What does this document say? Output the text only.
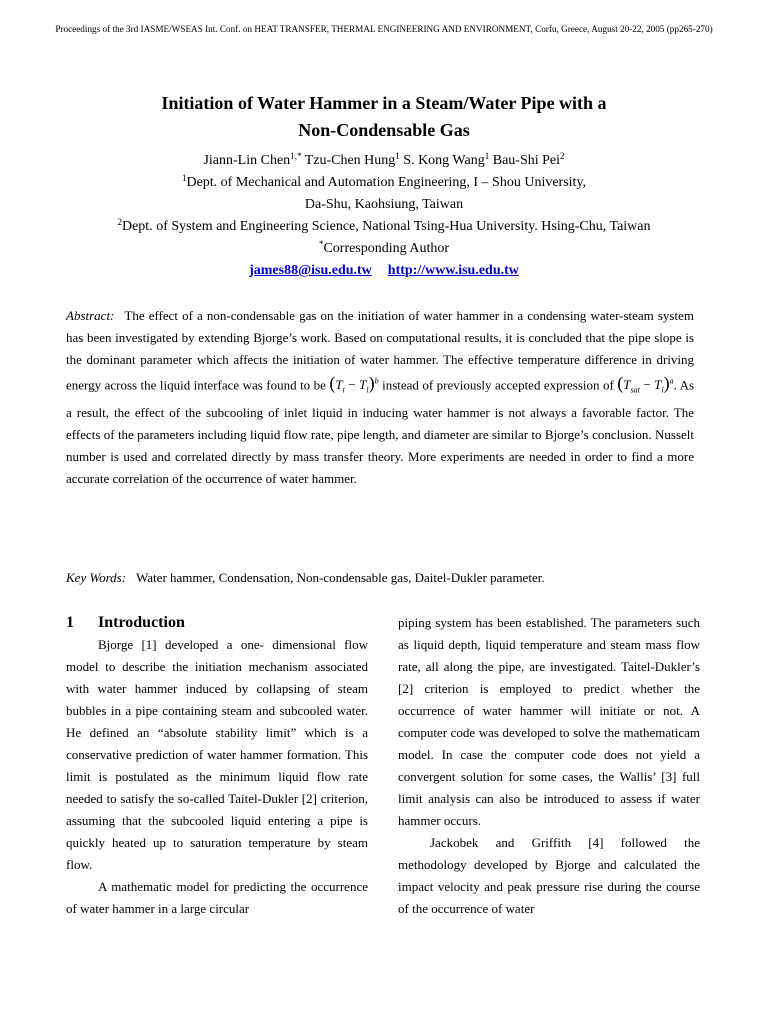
Proceedings of the 3rd IASME/WSEAS Int. Conf. on HEAT TRANSFER, THERMAL ENGINEERING AND ENVIRONMENT, Corfu, Greece, August 20-22, 2005 (pp265-270)
Initiation of Water Hammer in a Steam/Water Pipe with a
Non-Condensable Gas
Jiann-Lin Chen$^{1,*}$ Tzu-Chen Hung$^1$ S. Kong Wang$^1$ Bau-Shi Pei$^2$
$^1$Dept. of Mechanical and Automation Engineering, I – Shou University,
Da-Shu, Kaohsiung, Taiwan
$^2$Dept. of System and Engineering Science, National Tsing-Hua University. Hsing-Chu, Taiwan
*Corresponding Author
james88@isu.edu.tw http://www.isu.edu.tw
Abstract: The effect of a non-condensable gas on the initiation of water hammer in a condensing water-steam system has been investigated by extending Bjorge’s work. Based on computational results, it is concluded that the pipe slope is the dominant parameter which affects the initiation of water hammer. The effective temperature difference in driving energy across the liquid interface was found to be $(T_t - T_l)^b$ instead of previously accepted expression of $(T_{sat} - T_l)^a$. As a result, the effect of the subcooling of inlet liquid in inducing water hammer is not always a favorable factor. The effects of the parameters including liquid flow rate, pipe length, and diameter are similar to Bjorge’s conclusion. Nusselt number is used and correlated directly by mass transfer theory. More experiments are needed in order to find a more accurate correlation of the occurrence of water hammer.
Key Words: Water hammer, Condensation, Non-condensable gas, Daitel-Dukler parameter.
1 Introduction

Bjorge [1] developed a one- dimensional flow model to describe the initiation mechanism associated with water hammer induced by collapsing of steam bubbles in a pipe containing steam and subcooled water. He defined an “absolute stability limit” which is a conservative prediction of water hammer formation. This limit is postulated as the minimum liquid flow rate needed to satisfy the so-called Taitel-Dukler [2] criterion, assuming that the subcooled liquid entering a pipe is quickly heated up to saturation temperature by steam flow.

A mathematic model for predicting the occurrence of water hammer in a large circular

piping system has been established. The parameters such as liquid depth, liquid temperature and steam mass flow rate, all along the pipe, are investigated. Taitel-Dukler’s [2] criterion is employed to predict whether the occurrence of water hammer will initiate or not. A computer code was developed to solve the mathematicam model. In case the computer code does not yield a convergent solution for some cases, the Wallis’ [3] full limit analysis can also be introduced to assess if water hammer occurs.

Jackobek and Griffith [4] followed the methodology developed by Bjorge and calculated the impact velocity and peak pressure rise during the course of the occurrence of water
